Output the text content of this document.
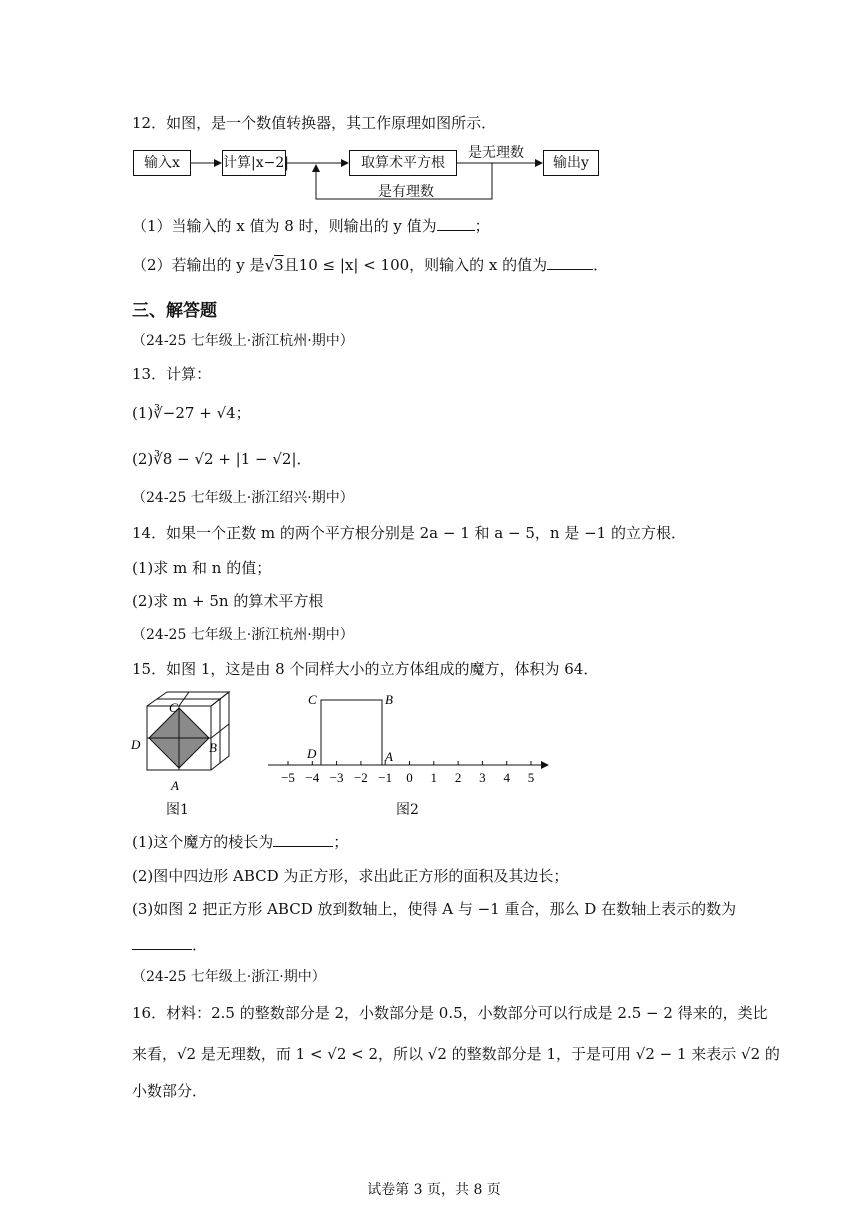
12．如图，是一个数值转换器，其工作原理如图所示．
输入x	计算|x−2|	取算术平方根	输出y
是无理数
是有理数
（1）当输入的 x 值为 8 时，则输出的 y 值为	；
（2）若输出的 y 是√3且10 ≤ |x| < 100，则输入的 x 的值为	．
三、解答题
（24-25 七年级上·浙江杭州·期中）
13．计算：
(1)∛−27 + √4；
(2)∛8 − √2 + |1 − √2|．
（24-25 七年级上·浙江绍兴·期中）
14．如果一个正数 m 的两个平方根分别是 2a − 1 和 a − 5，n 是 −1 的立方根．
(1)求 m 和 n 的值；
(2)求 m + 5n 的算术平方根
（24-25 七年级上·浙江杭州·期中）
15．如图 1，这是由 8 个同样大小的立方体组成的魔方，体积为 64．
C
D	B
A
图1
−5 −4 −3 −2 −1 0 1 2 3 4 5
C	B
D	A
图2
(1)这个魔方的棱长为	；
(2)图中四边形 ABCD 为正方形，求出此正方形的面积及其边长；
(3)如图 2 把正方形 ABCD 放到数轴上，使得 A 与 −1 重合，那么 D 在数轴上表示的数为
．
（24-25 七年级上·浙江·期中）
16．材料：2.5 的整数部分是 2，小数部分是 0.5，小数部分可以行成是 2.5 − 2 得来的，类比
来看，√2 是无理数，而 1 < √2 < 2，所以 √2 的整数部分是 1，于是可用 √2 − 1 来表示 √2 的
小数部分．
试卷第 3 页，共 8 页
